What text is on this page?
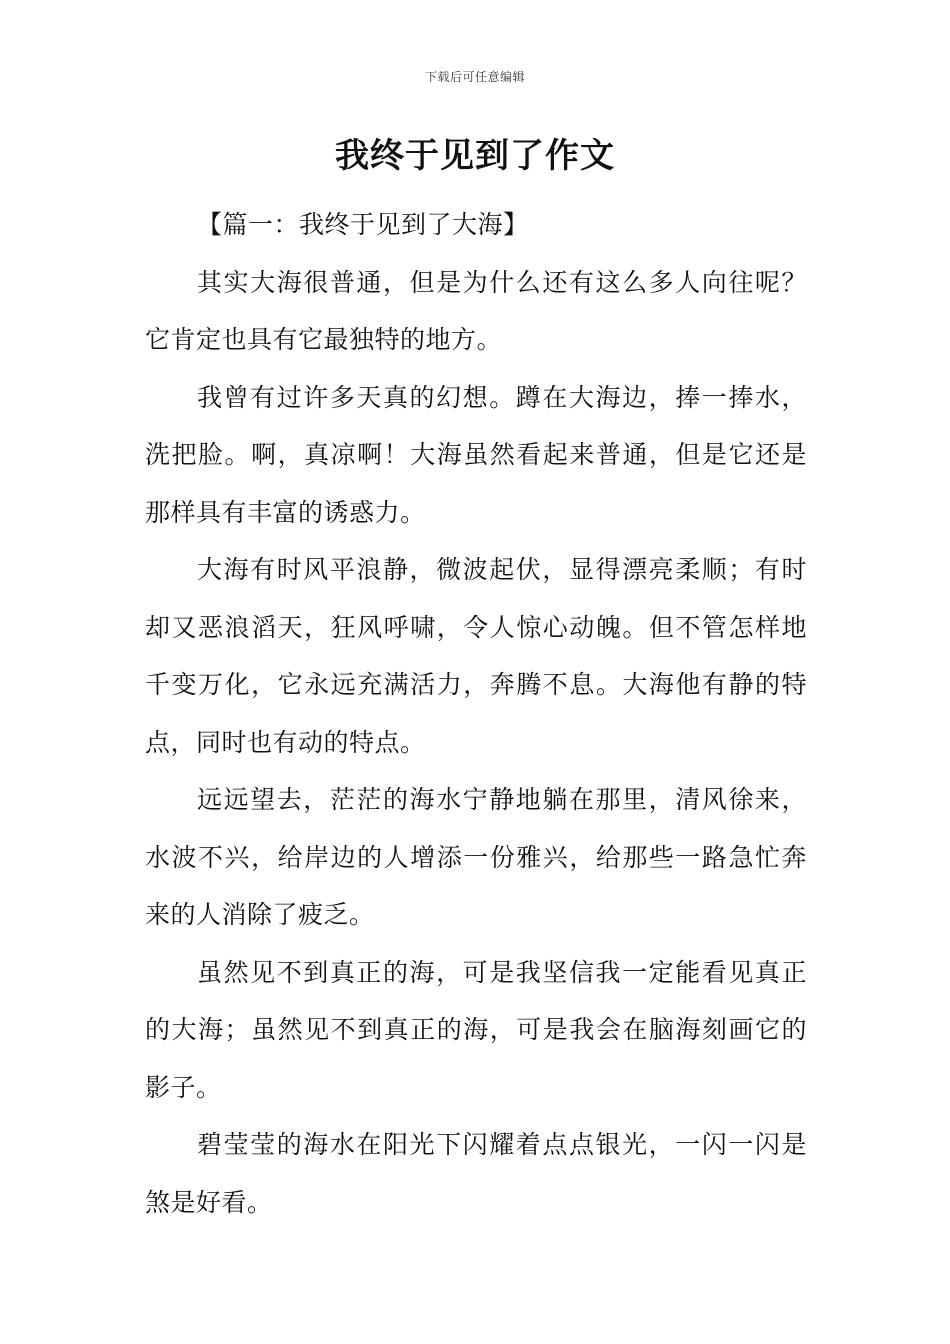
下载后可任意编辑
我终于见到了作文

【篇一：我终于见到了大海】

其实大海很普通，但是为什么还有这么多人向往呢？它肯定也具有它最独特的地方。

我曾有过许多天真的幻想。蹲在大海边，捧一捧水，洗把脸。啊，真凉啊！大海虽然看起来普通，但是它还是那样具有丰富的诱惑力。

大海有时风平浪静，微波起伏，显得漂亮柔顺；有时却又恶浪滔天，狂风呼啸，令人惊心动魄。但不管怎样地千变万化，它永远充满活力，奔腾不息。大海他有静的特点，同时也有动的特点。

远远望去，茫茫的海水宁静地躺在那里，清风徐来，水波不兴，给岸边的人增添一份雅兴，给那些一路急忙奔来的人消除了疲乏。

虽然见不到真正的海，可是我坚信我一定能看见真正的大海；虽然见不到真正的海，可是我会在脑海刻画它的影子。

碧莹莹的海水在阳光下闪耀着点点银光，一闪一闪是煞是好看。
